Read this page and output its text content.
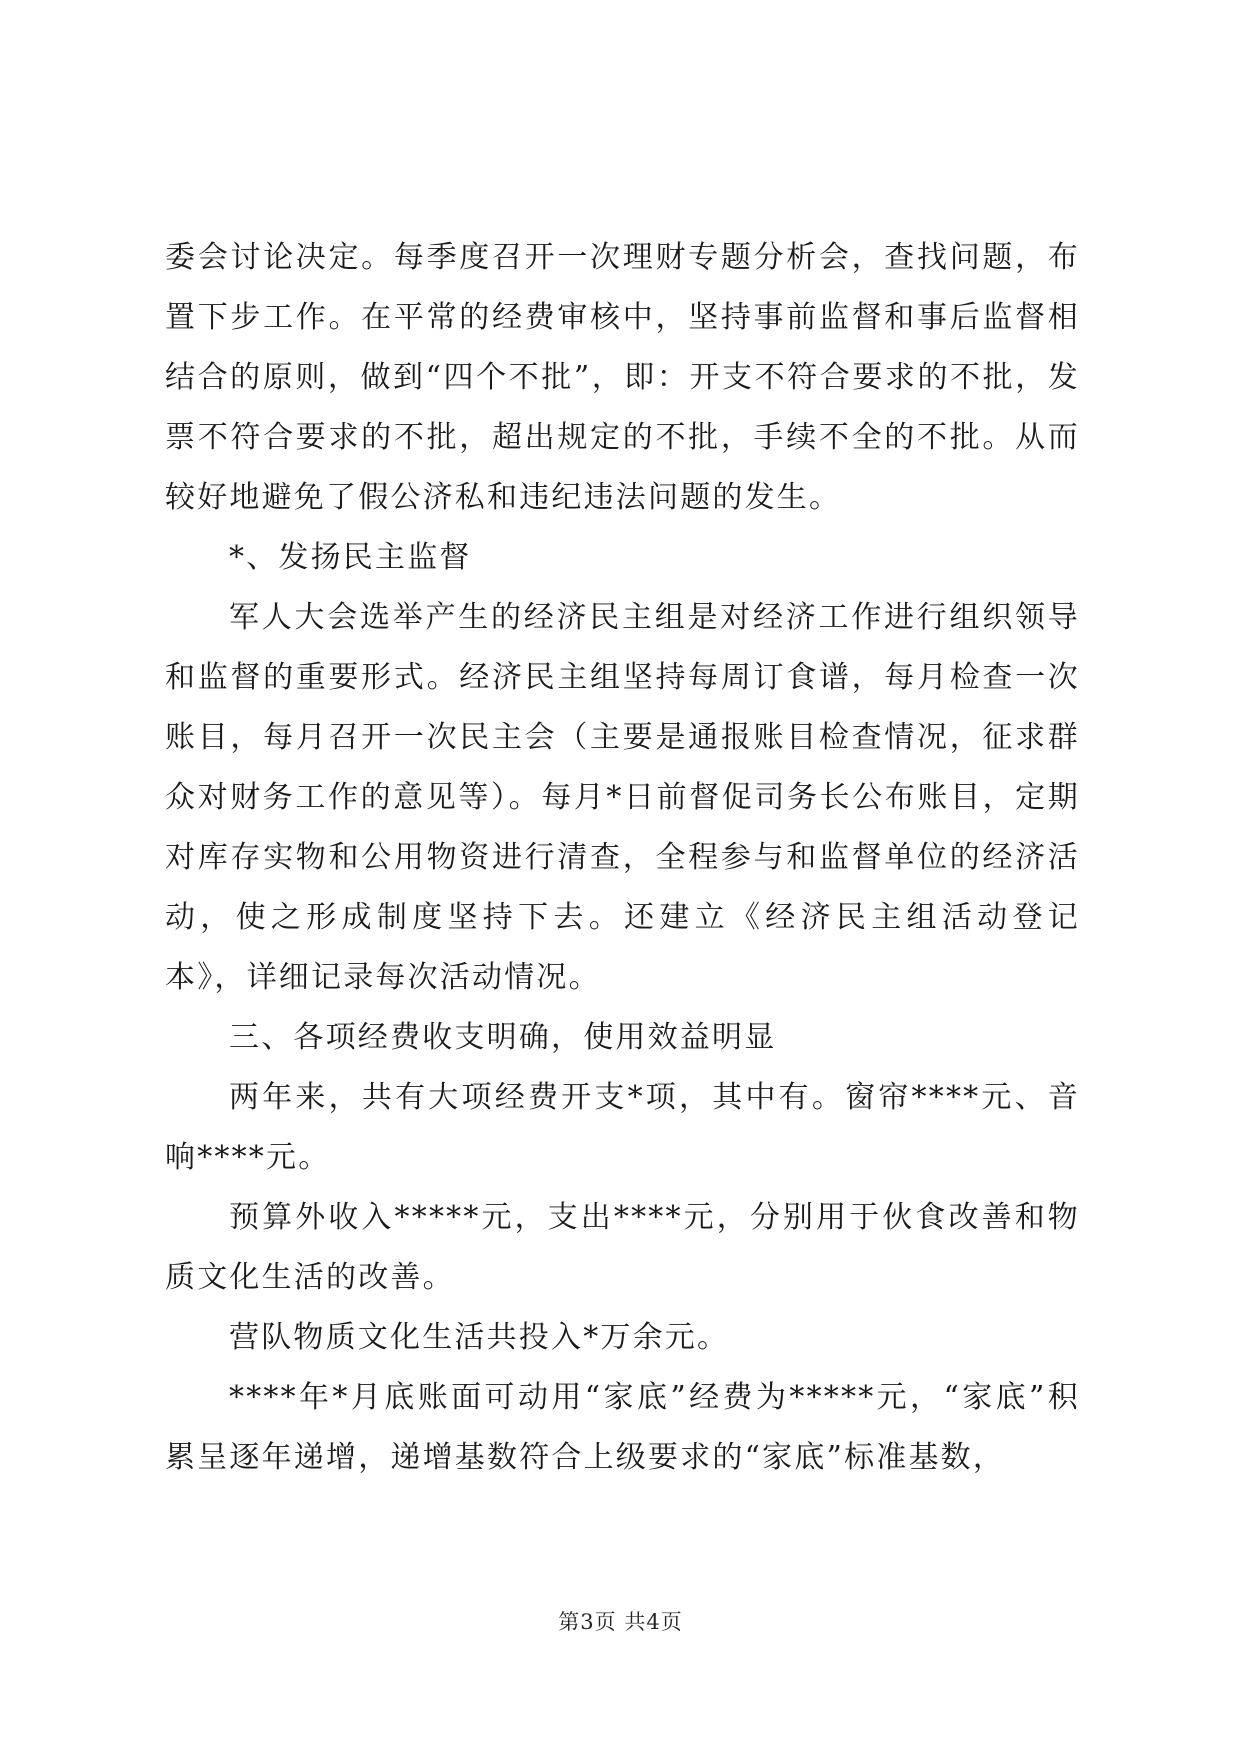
委会讨论决定。每季度召开一次理财专题分析会，查找问题，布置下步工作。在平常的经费审核中，坚持事前监督和事后监督相结合的原则，做到“四个不批”，即：开支不符合要求的不批，发票不符合要求的不批，超出规定的不批，手续不全的不批。从而较好地避免了假公济私和违纪违法问题的发生。

*、发扬民主监督

军人大会选举产生的经济民主组是对经济工作进行组织领导和监督的重要形式。经济民主组坚持每周订食谱，每月检查一次账目，每月召开一次民主会（主要是通报账目检查情况，征求群众对财务工作的意见等）。每月*日前督促司务长公布账目，定期对库存实物和公用物资进行清查，全程参与和监督单位的经济活动，使之形成制度坚持下去。还建立《经济民主组活动登记本》，详细记录每次活动情况。

三、各项经费收支明确，使用效益明显

两年来，共有大项经费开支*项，其中有。窗帘****元、音响****元。

预算外收入*****元，支出****元，分别用于伙食改善和物质文化生活的改善。

营队物质文化生活共投入*万余元。

****年*月底账面可动用“家底”经费为*****元，“家底”积累呈逐年递增，递增基数符合上级要求的“家底”标准基数，

第3页 共4页
